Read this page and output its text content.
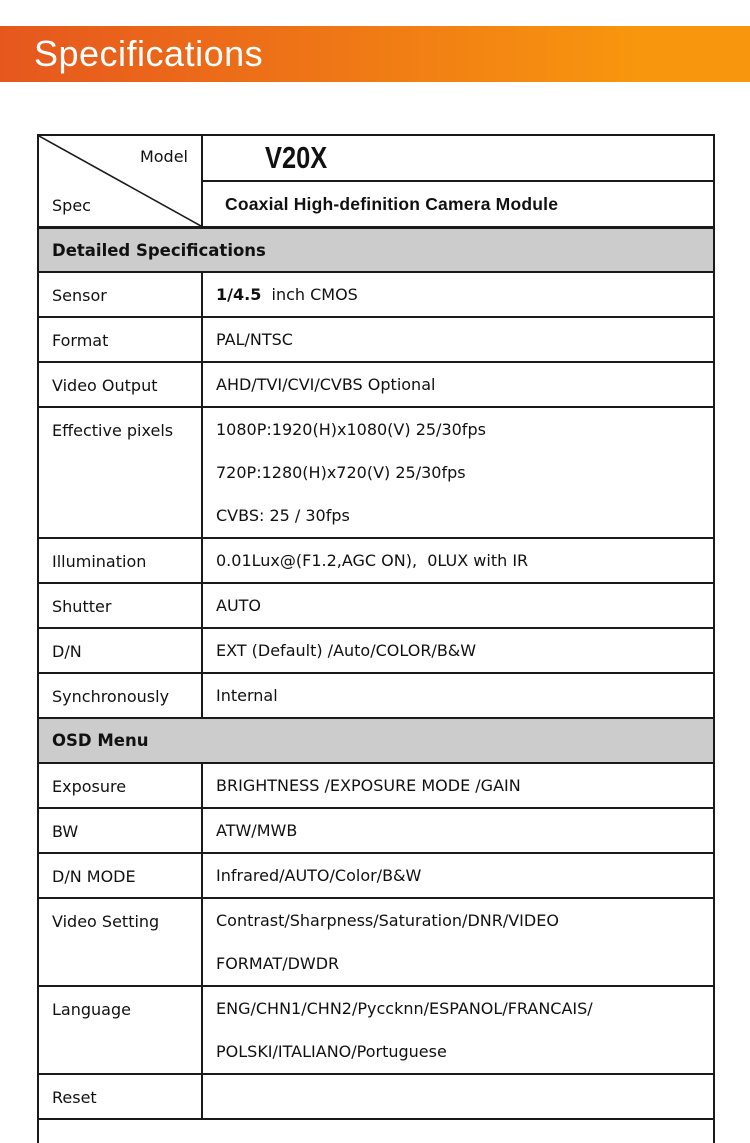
Specifications
Model
Spec
V20X
Coaxial High-definition Camera Module
Detailed Specifications
Sensor	1/4.5 inch CMOS
Format	PAL/NTSC
Video Output	AHD/TVI/CVI/CVBS Optional
Effective pixels	1080P:1920(H)x1080(V) 25/30fps
720P:1280(H)x720(V) 25/30fps
CVBS: 25 / 30fps
Illumination	0.01Lux@(F1.2,AGC ON),  0LUX with IR
Shutter	AUTO
D/N	EXT (Default) /Auto/COLOR/B&W
Synchronously	Internal
OSD Menu
Exposure	BRIGHTNESS /EXPOSURE MODE /GAIN
BW	ATW/MWB
D/N MODE	Infrared/AUTO/Color/B&W
Video Setting	Contrast/Sharpness/Saturation/DNR/VIDEO
FORMAT/DWDR
Language	ENG/CHN1/CHN2/Pyccknn/ESPANOL/FRANCAIS/
POLSKI/ITALIANO/Portuguese
Reset
